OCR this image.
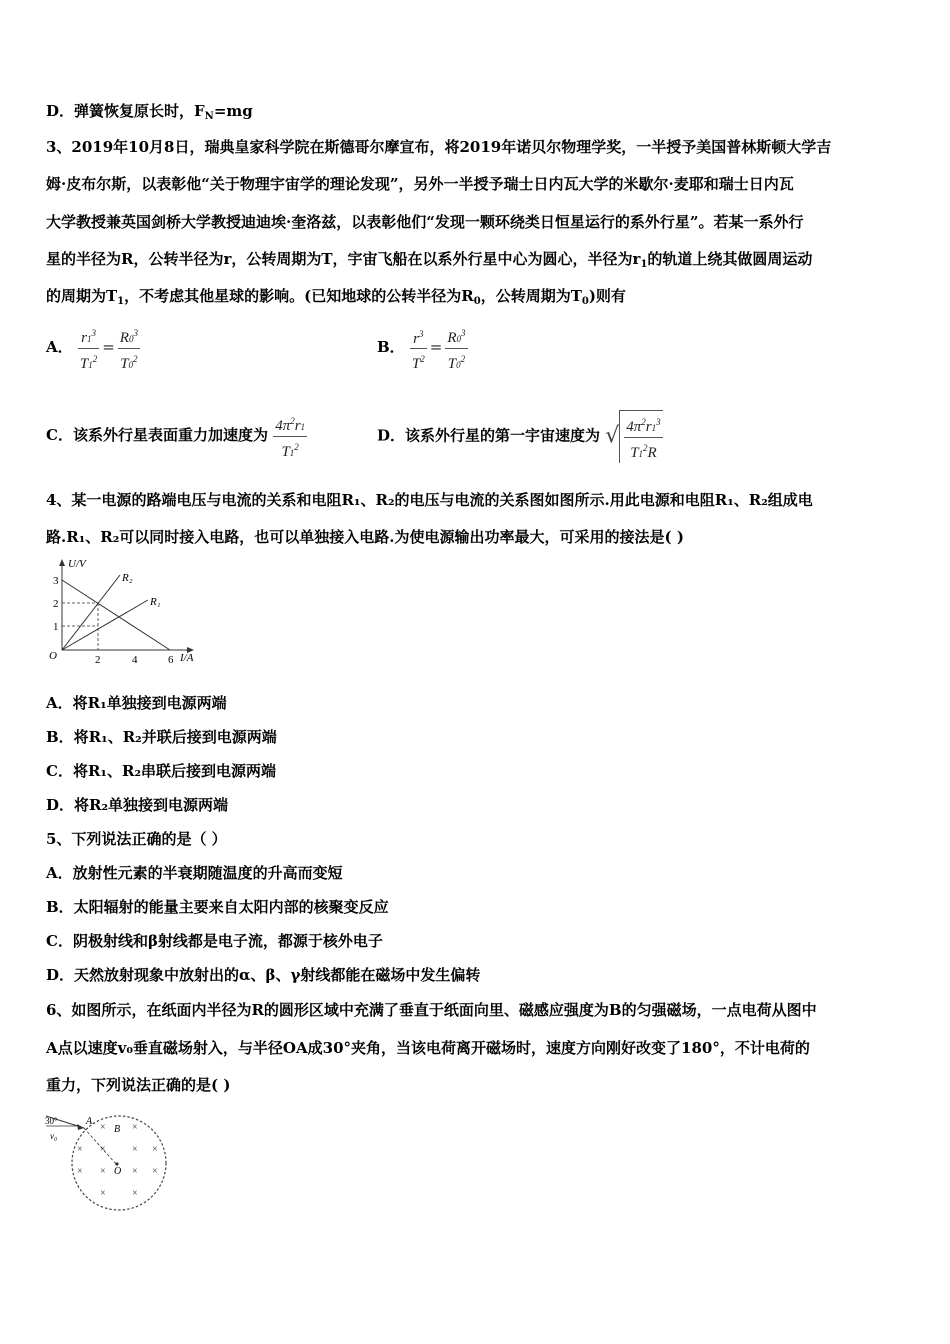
D．弹簧恢复原长时，$F_N=mg$
3、2019年10月8日，瑞典皇家科学院在斯德哥尔摩宣布，将2019年诺贝尔物理学奖，一半授予美国普林斯顿大学吉
姆·皮布尔斯，以表彰他“关于物理宇宙学的理论发现”，另外一半授予瑞士日内瓦大学的米歇尔·麦耶和瑞士日内瓦
大学教授兼英国剑桥大学教授迪迪埃·奎洛兹，以表彰他们“发现一颗环绕类日恒星运行的系外行星”。若某一系外行
星的半径为R，公转半径为r，公转周期为T，宇宙飞船在以系外行星中心为圆心，半径为$r_1$的轨道上绕其做圆周运动
的周期为$T_1$，不考虑其他星球的影响。(已知地球的公转半径为$R_0$，公转周期为$T_0$)则有
A． $\frac{r1^3}{T1^2} = \frac{R0^3}{T0^2}$	B． $\frac{r^3}{T^2} = \frac{R0^3}{T0^2}$
C．该系外行星表面重力加速度为 $\frac{4\pi^2r1}{T1^2}$	D．该系外行星的第一宇宙速度为 √ $\frac{4\pi^2r1^3}{T1^2R}$
4、某一电源的路端电压与电流的关系和电阻R₁、R₂的电压与电流的关系图如图所示.用此电源和电阻R₁、R₂组成电
路.R₁、R₂可以同时接入电路，也可以单独接入电路.为使电源输出功率最大，可采用的接法是( )
U/V
I/A
O
1
2
3
2	4	6
R₂
R₁
A．将R₁单独接到电源两端
B．将R₁、R₂并联后接到电源两端
C．将R₁、R₂串联后接到电源两端
D．将R₂单独接到电源两端
5、下列说法正确的是（ ）
A．放射性元素的半衰期随温度的升高而变短
B．太阳辐射的能量主要来自太阳内部的核聚变反应
C．阴极射线和β射线都是电子流，都源于核外电子
D．天然放射现象中放射出的α、β、γ射线都能在磁场中发生偏转
6、如图所示，在纸面内半径为R的圆形区域中充满了垂直于纸面向里、磁感应强度为B的匀强磁场，一点电荷从图中
A点以速度v₀垂直磁场射入，与半径OA成30°夹角，当该电荷离开磁场时，速度方向刚好改变了180°，不计电荷的
重力，下列说法正确的是( )
30°
v₀
A
B
O
×	×
× ×	× ×
× ×	× ×
×	×
